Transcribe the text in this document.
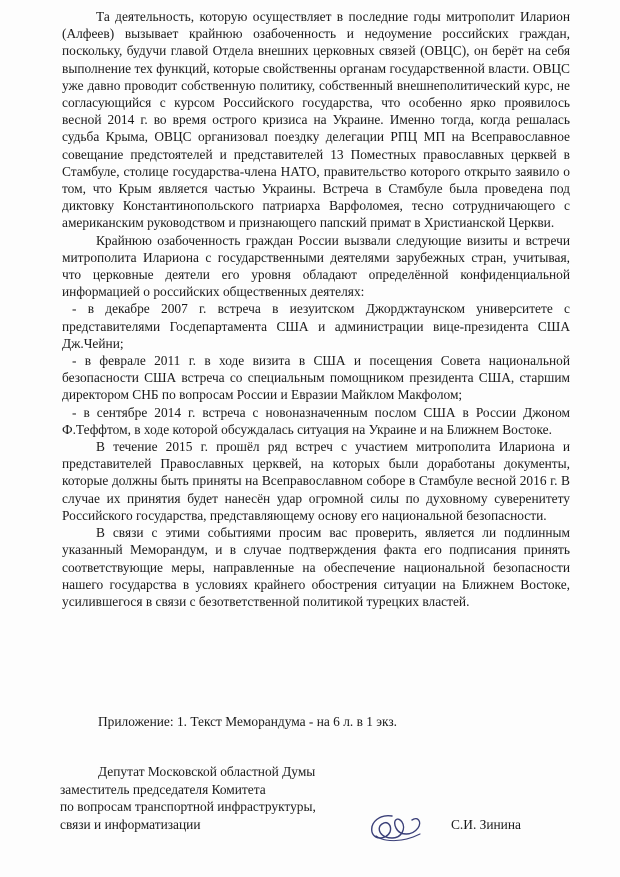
Та деятельность, которую осуществляет в последние годы митрополит Иларион (Алфеев) вызывает крайнюю озабоченность и недоумение российских граждан, поскольку, будучи главой Отдела внешних церковных связей (ОВЦС), он берёт на себя выполнение тех функций, которые свойственны органам государственной власти. ОВЦС уже давно проводит собственную политику, собственный внешнеполитический курс, не согласующийся с курсом Российского государства, что особенно ярко проявилось весной 2014 г. во время острого кризиса на Украине. Именно тогда, когда решалась судьба Крыма, ОВЦС организовал поездку делегации РПЦ МП на Всеправославное совещание предстоятелей и представителей 13 Поместных православных церквей в Стамбуле, столице государства-члена НАТО, правительство которого открыто заявило о том, что Крым является частью Украины. Встреча в Стамбуле была проведена под диктовку Константинопольского патриарха Варфоломея, тесно сотрудничающего с американским руководством и признающего папский примат в Христианской Церкви.

Крайнюю озабоченность граждан России вызвали следующие визиты и встречи митрополита Илариона с государственными деятелями зарубежных стран, учитывая, что церковные деятели его уровня обладают определённой конфиденциальной информацией о российских общественных деятелях:

- в декабре 2007 г. встреча в иезуитском Джорджтаунском университете с представителями Госдепартамента США и администрации вице-президента США Дж.Чейни;

- в феврале 2011 г. в ходе визита в США и посещения Совета национальной безопасности США встреча со специальным помощником президента США, старшим директором СНБ по вопросам России и Евразии Майклом Макфолом;

- в сентябре 2014 г. встреча с новоназначенным послом США в России Джоном Ф.Теффтом, в ходе которой обсуждалась ситуация на Украине и на Ближнем Востоке.

В течение 2015 г. прошёл ряд встреч с участием митрополита Илариона и представителей Православных церквей, на которых были доработаны документы, которые должны быть приняты на Всеправославном соборе в Стамбуле весной 2016 г. В случае их принятия будет нанесён удар огромной силы по духовному суверенитету Российского государства, представляющему основу его национальной безопасности.

В связи с этими событиями просим вас проверить, является ли подлинным указанный Меморандум, и в случае подтверждения факта его подписания принять соответствующие меры, направленные на обеспечение национальной безопасности нашего государства в условиях крайнего обострения ситуации на Ближнем Востоке, усилившегося в связи с безответственной политикой турецких властей.

Приложение: 1. Текст Меморандума - на 6 л. в 1 экз.
Депутат Московской областной Думы
заместитель председателя Комитета
по вопросам транспортной инфраструктуры,
связи и информатизации	С.И. Зинина
